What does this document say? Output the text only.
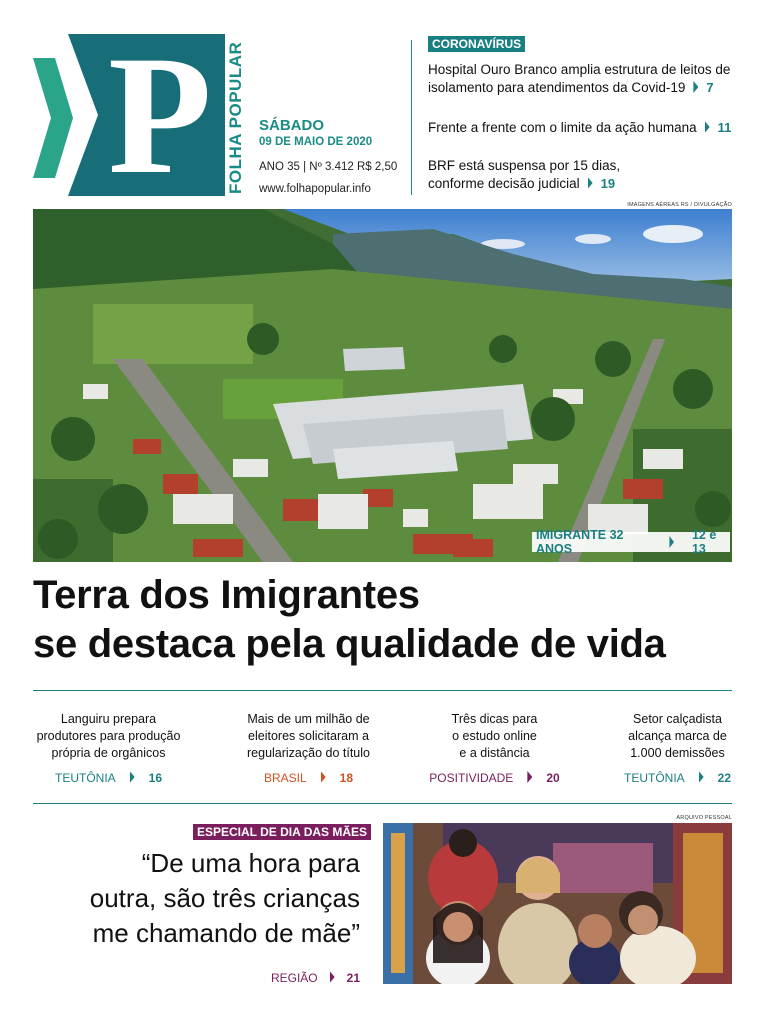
P FOLHA POPULAR SÁBADO
09 DE MAIO DE 2020
ANO 35 | Nº 3.412 R$ 2,50
www.folhapopular.info
CORONAVÍRUS
Hospital Ouro Branco amplia estrutura de leitos de
isolamento para atendimentos da Covid-19 7
Frente a frente com o limite da ação humana 11
BRF está suspensa por 15 dias,
conforme decisão judicial 19
IMAGENS AÉREAS RS / DIVULGAÇÃO
IMIGRANTE 32 ANOS
12 e 13
Terra dos Imigrantes
se destaca pela qualidade de vida
Languiru prepara
produtores para produção
própria de orgânicos
TEUTÔNIA	16
Mais de um milhão de
eleitores solicitaram a
regularização do título
BRASIL	18
Três dicas para
o estudo online
e a distância
POSITIVIDADE	20
Setor calçadista
alcança marca de
1.000 demissões
TEUTÔNIA	22
ESPECIAL DE DIA DAS MÃES
“De uma hora para
outra, são três crianças
me chamando de mãe”
REGIÃO 21
ARQUIVO PESSOAL
